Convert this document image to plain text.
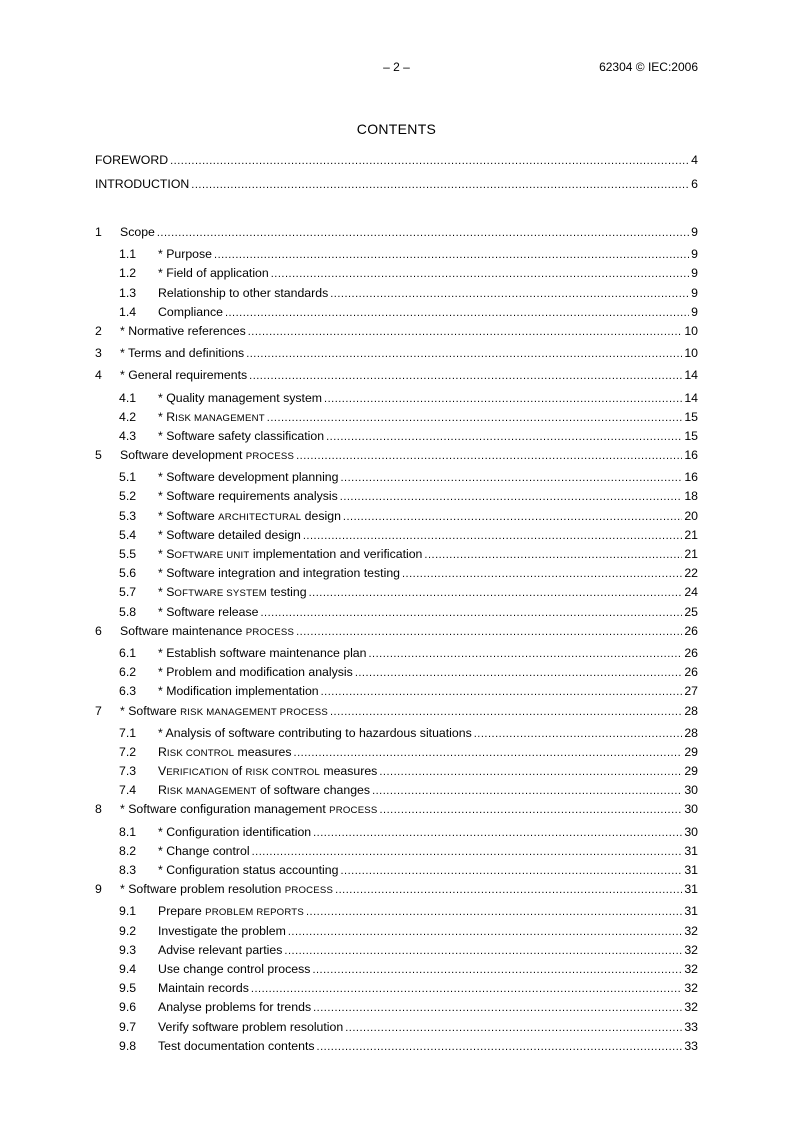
– 2 –	62304 © IEC:2006
CONTENTS
FOREWORD .....	4
INTRODUCTION .....	6
1	Scope .....	9
1.1	* Purpose .....	9
1.2	* Field of application .....	9
1.3	Relationship to other standards .....	9
1.4	Compliance .....	9
2	* Normative references .....	10
3	* Terms and definitions .....	10
4	* General requirements .....	14
4.1	* Quality management system .....	14
4.2	* RISK MANAGEMENT .....	15
4.3	* Software safety classification .....	15
5	Software development PROCESS .....	16
5.1	* Software development planning .....	16
5.2	* Software requirements analysis .....	18
5.3	* Software ARCHITECTURAL design .....	20
5.4	* Software detailed design .....	21
5.5	* SOFTWARE UNIT implementation and verification .....	21
5.6	* Software integration and integration testing .....	22
5.7	* SOFTWARE SYSTEM testing .....	24
5.8	* Software release .....	25
6	Software maintenance PROCESS .....	26
6.1	* Establish software maintenance plan .....	26
6.2	* Problem and modification analysis .....	26
6.3	* Modification implementation .....	27
7	* Software RISK MANAGEMENT PROCESS .....	28
7.1	* Analysis of software contributing to hazardous situations .....	28
7.2	RISK CONTROL measures .....	29
7.3	VERIFICATION of RISK CONTROL measures .....	29
7.4	RISK MANAGEMENT of software changes .....	30
8	* Software configuration management PROCESS .....	30
8.1	* Configuration identification .....	30
8.2	* Change control .....	31
8.3	* Configuration status accounting .....	31
9	* Software problem resolution PROCESS .....	31
9.1	Prepare PROBLEM REPORTS .....	31
9.2	Investigate the problem .....	32
9.3	Advise relevant parties .....	32
9.4	Use change control process .....	32
9.5	Maintain records .....	32
9.6	Analyse problems for trends .....	32
9.7	Verify software problem resolution .....	33
9.8	Test documentation contents .....	33
